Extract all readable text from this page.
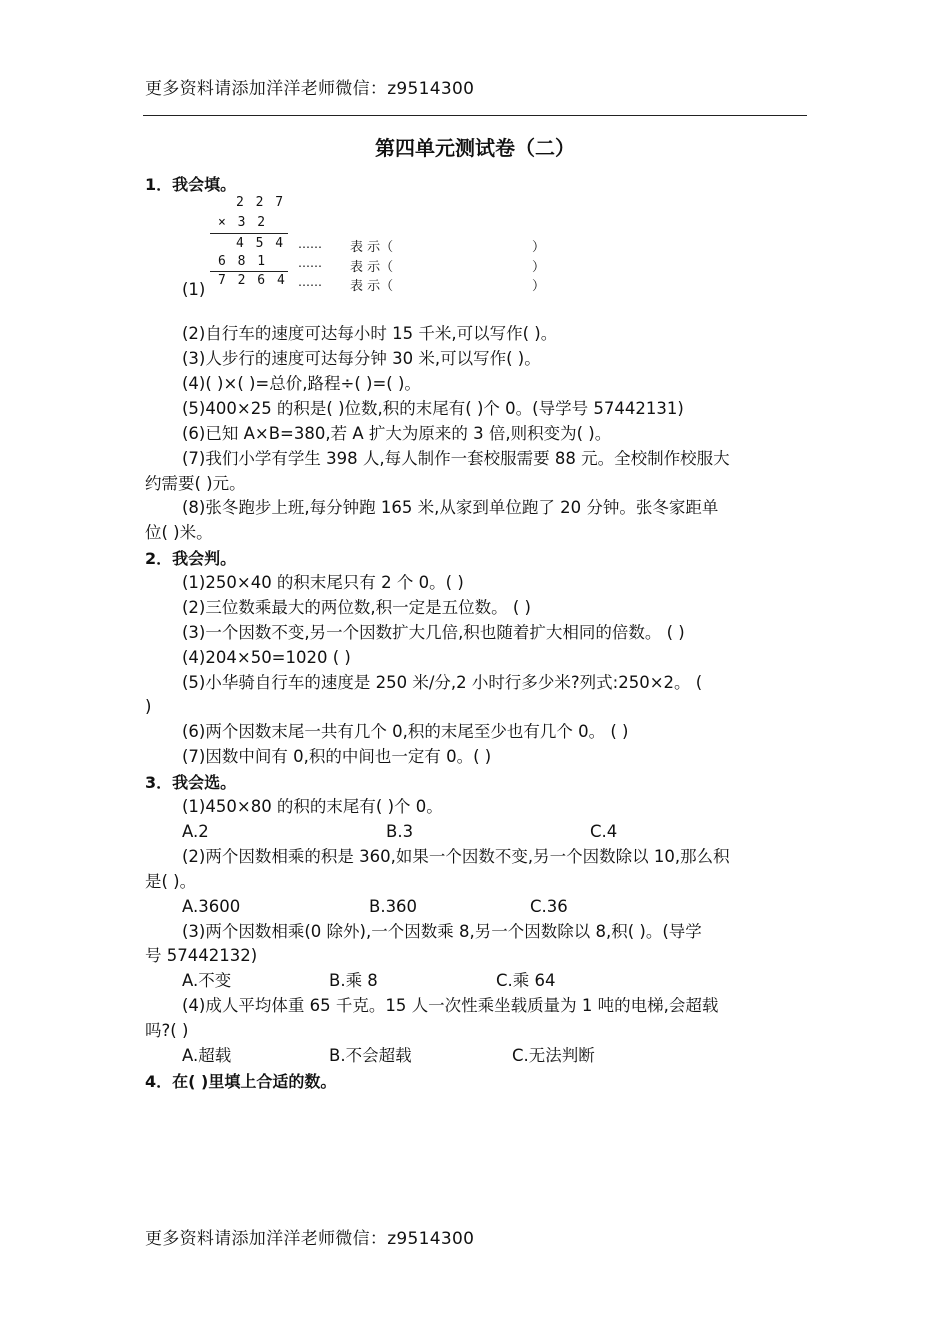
更多资料请添加洋洋老师微信：z9514300
第四单元测试卷（二）
1．我会填。
2 2 7
× 3 2
4 5 4
6 8 1
7 2 6 4
…… 表 示（	）
…… 表 示（	）
…… 表 示（	）
(1)
(2)自行车的速度可达每小时 15 千米,可以写作( )。
(3)人步行的速度可达每分钟 30 米,可以写作( )。
(4)( )×( )=总价,路程÷( )=( )。
(5)400×25 的积是( )位数,积的末尾有( )个 0。(导学号 57442131)
(6)已知 A×B=380,若 A 扩大为原来的 3 倍,则积变为( )。
(7)我们小学有学生 398 人,每人制作一套校服需要 88 元。全校制作校服大
约需要( )元。
(8)张冬跑步上班,每分钟跑 165 米,从家到单位跑了 20 分钟。张冬家距单
位( )米。
2．我会判。
(1)250×40 的积末尾只有 2 个 0。( )
(2)三位数乘最大的两位数,积一定是五位数。 ( )
(3)一个因数不变,另一个因数扩大几倍,积也随着扩大相同的倍数。 ( )
(4)204×50=1020 ( )
(5)小华骑自行车的速度是 250 米/分,2 小时行多少米?列式:250×2。 (
)
(6)两个因数末尾一共有几个 0,积的末尾至少也有几个 0。 ( )
(7)因数中间有 0,积的中间也一定有 0。( )
3．我会选。
(1)450×80 的积的末尾有( )个 0。
A.2	B.3	C.4
(2)两个因数相乘的积是 360,如果一个因数不变,另一个因数除以 10,那么积
是( )。
A.3600	B.360	C.36
(3)两个因数相乘(0 除外),一个因数乘 8,另一个因数除以 8,积( )。(导学
号 57442132)
A.不变	B.乘 8	C.乘 64
(4)成人平均体重 65 千克。15 人一次性乘坐载质量为 1 吨的电梯,会超载
吗?( )
A.超载	B.不会超载	C.无法判断
4．在( )里填上合适的数。
更多资料请添加洋洋老师微信：z9514300
